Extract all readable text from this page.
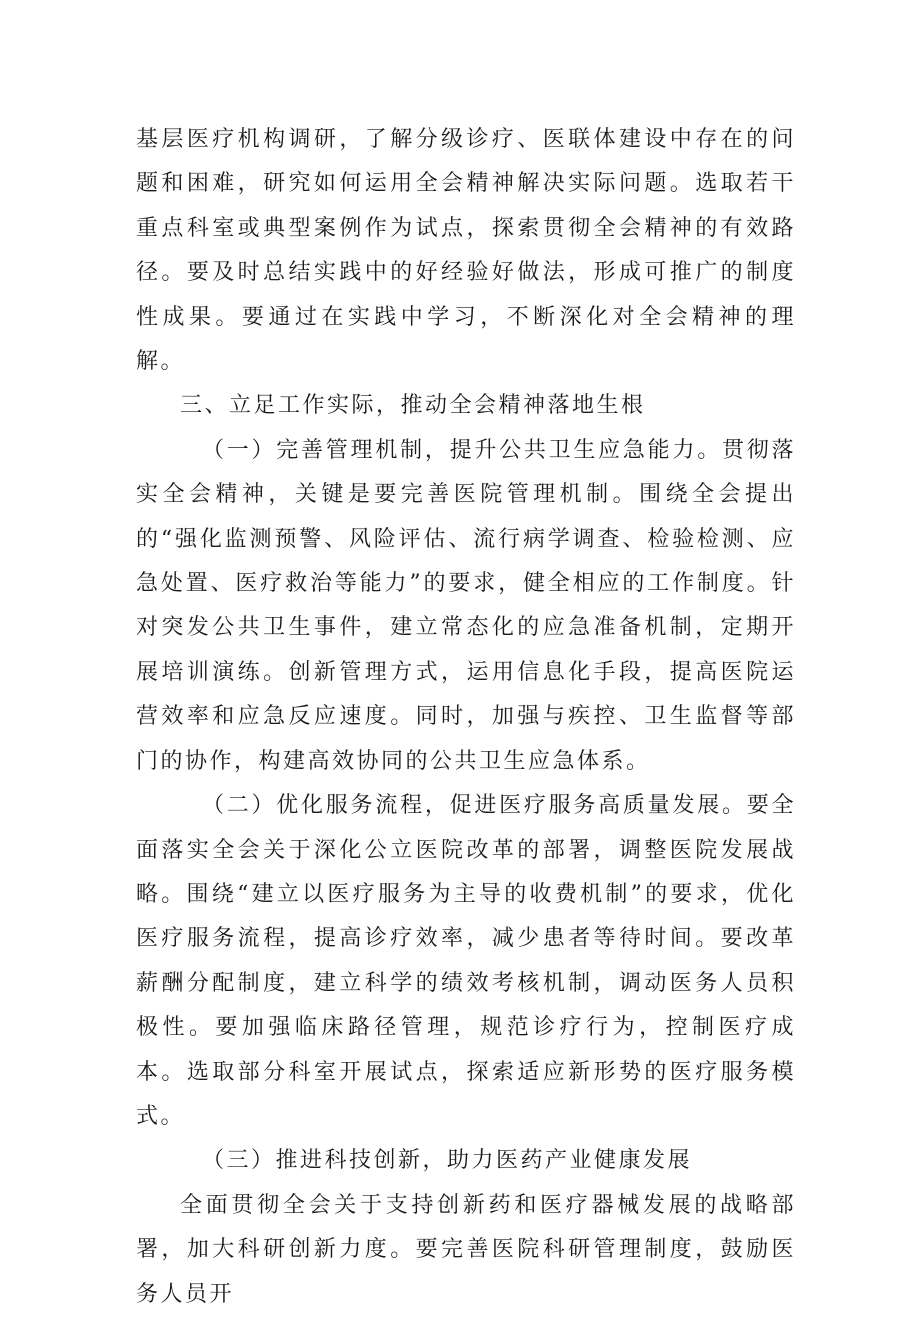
基层医疗机构调研，了解分级诊疗、医联体建设中存在的问题和困难，研究如何运用全会精神解决实际问题。选取若干重点科室或典型案例作为试点，探索贯彻全会精神的有效路径。要及时总结实践中的好经验好做法，形成可推广的制度性成果。要通过在实践中学习，不断深化对全会精神的理解。

三、立足工作实际，推动全会精神落地生根

（一）完善管理机制，提升公共卫生应急能力。贯彻落实全会精神，关键是要完善医院管理机制。围绕全会提出的“强化监测预警、风险评估、流行病学调查、检验检测、应急处置、医疗救治等能力”的要求，健全相应的工作制度。针对突发公共卫生事件，建立常态化的应急准备机制，定期开展培训演练。创新管理方式，运用信息化手段，提高医院运营效率和应急反应速度。同时，加强与疾控、卫生监督等部门的协作，构建高效协同的公共卫生应急体系。

（二）优化服务流程，促进医疗服务高质量发展。要全面落实全会关于深化公立医院改革的部署，调整医院发展战略。围绕“建立以医疗服务为主导的收费机制”的要求，优化医疗服务流程，提高诊疗效率，减少患者等待时间。要改革薪酬分配制度，建立科学的绩效考核机制，调动医务人员积极性。要加强临床路径管理，规范诊疗行为，控制医疗成本。选取部分科室开展试点，探索适应新形势的医疗服务模式。

（三）推进科技创新，助力医药产业健康发展

全面贯彻全会关于支持创新药和医疗器械发展的战略部署，加大科研创新力度。要完善医院科研管理制度，鼓励医务人员开
